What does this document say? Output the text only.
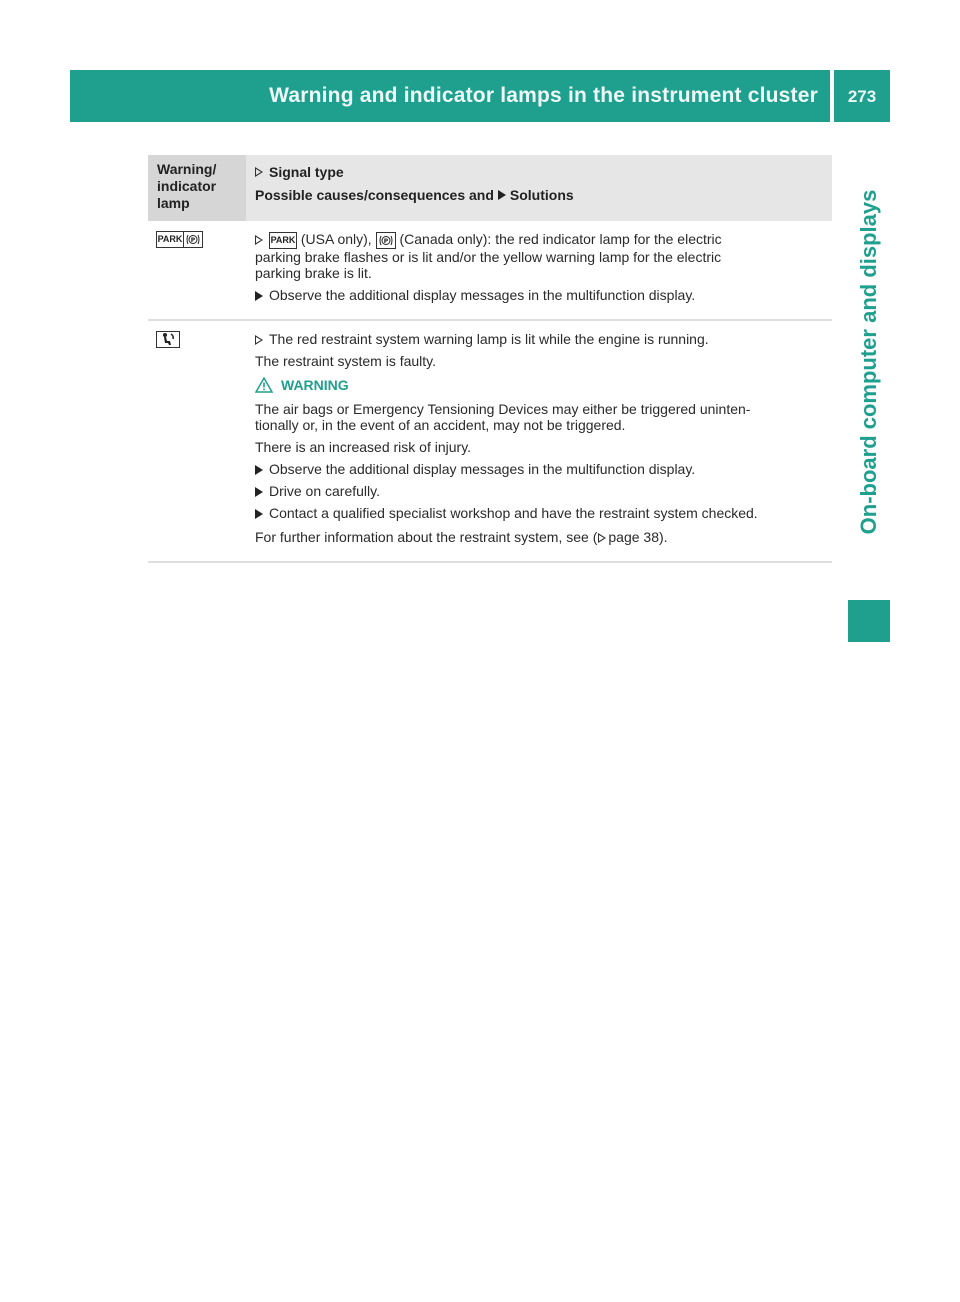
Warning and indicator lamps in the instrument cluster	273
On-board computer and displays
Warning/
indicator
lamp
Signal type
Possible causes/consequences and Solutions
PARK P	PARK (USA only), P (Canada only): the red indicator lamp for the electric
parking brake flashes or is lit and/or the yellow warning lamp for the electric
parking brake is lit.

Observe the additional display messages in the multifunction display.

The red restraint system warning lamp is lit while the engine is running.

The restraint system is faulty.

WARNING

The air bags or Emergency Tensioning Devices may either be triggered uninten-
tionally or, in the event of an accident, may not be triggered.

There is an increased risk of injury.

Observe the additional display messages in the multifunction display.
Drive on carefully.
Contact a qualified specialist workshop and have the restraint system checked.

For further information about the restraint system, see ( page 38).
